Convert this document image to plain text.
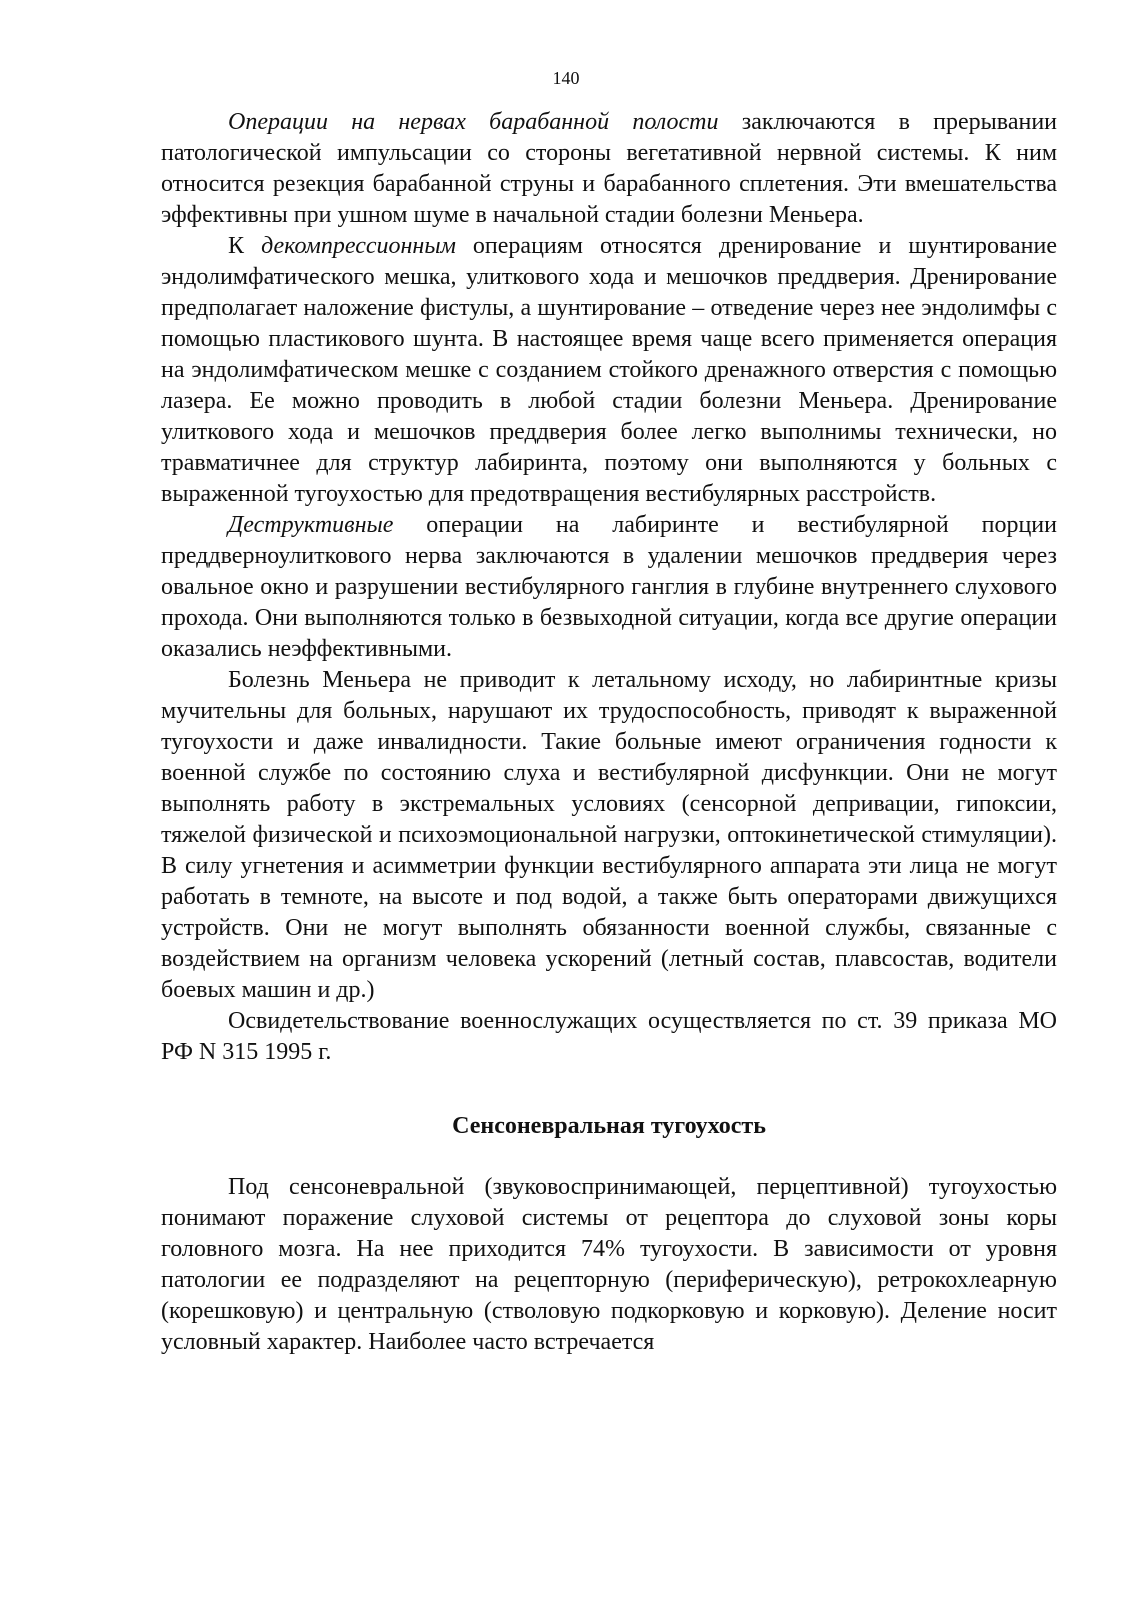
140

Операции на нервах барабанной полости заключаются в прерывании патологической импульсации со стороны вегетативной нервной системы. К ним относится резекция барабанной струны и барабанного сплетения. Эти вмешательства эффективны при ушном шуме в начальной стадии болезни Меньера.

К декомпрессионным операциям относятся дренирование и шунтирование эндолимфатического мешка, улиткового хода и мешочков преддверия. Дренирование предполагает наложение фистулы, а шунтирование – отведение через нее эндолимфы с помощью пластикового шунта. В настоящее время чаще всего применяется операция на эндолимфатическом мешке с созданием стойкого дренажного отверстия с помощью лазера. Ее можно проводить в любой стадии болезни Меньера. Дренирование улиткового хода и мешочков преддверия более легко выполнимы технически, но травматичнее для структур лабиринта, поэтому они выполняются у больных с выраженной тугоухостью для предотвращения вестибулярных расстройств.

Деструктивные операции на лабиринте и вестибулярной порции преддверноулиткового нерва заключаются в удалении мешочков преддверия через овальное окно и разрушении вестибулярного ганглия в глубине внутреннего слухового прохода. Они выполняются только в безвыходной ситуации, когда все другие операции оказались неэффективными.

Болезнь Меньера не приводит к летальному исходу, но лабиринтные кризы мучительны для больных, нарушают их трудоспособность, приводят к выраженной тугоухости и даже инвалидности. Такие больные имеют ограничения годности к военной службе по состоянию слуха и вестибулярной дисфункции. Они не могут выполнять работу в экстремальных условиях (сенсорной депривации, гипоксии, тяжелой физической и психоэмоциональной нагрузки, оптокинетической стимуляции). В силу угнетения и асимметрии функции вестибулярного аппарата эти лица не могут работать в темноте, на высоте и под водой, а также быть операторами движущихся устройств. Они не могут выполнять обязанности военной службы, связанные с воздействием на организм человека ускорений (летный состав, плавсостав, водители боевых машин и др.)

Освидетельствование военнослужащих осуществляется по ст. 39 приказа МО РФ N 315 1995 г.

Сенсоневральная тугоухость

Под сенсоневральной (звуковоспринимающей, перцептивной) тугоухостью понимают поражение слуховой системы от рецептора до слуховой зоны коры головного мозга. На нее приходится 74% тугоухости. В зависимости от уровня патологии ее подразделяют на рецепторную (периферическую), ретрокохлеарную (корешковую) и центральную (стволовую подкорковую и корковую). Деление носит условный характер. Наиболее часто встречается
